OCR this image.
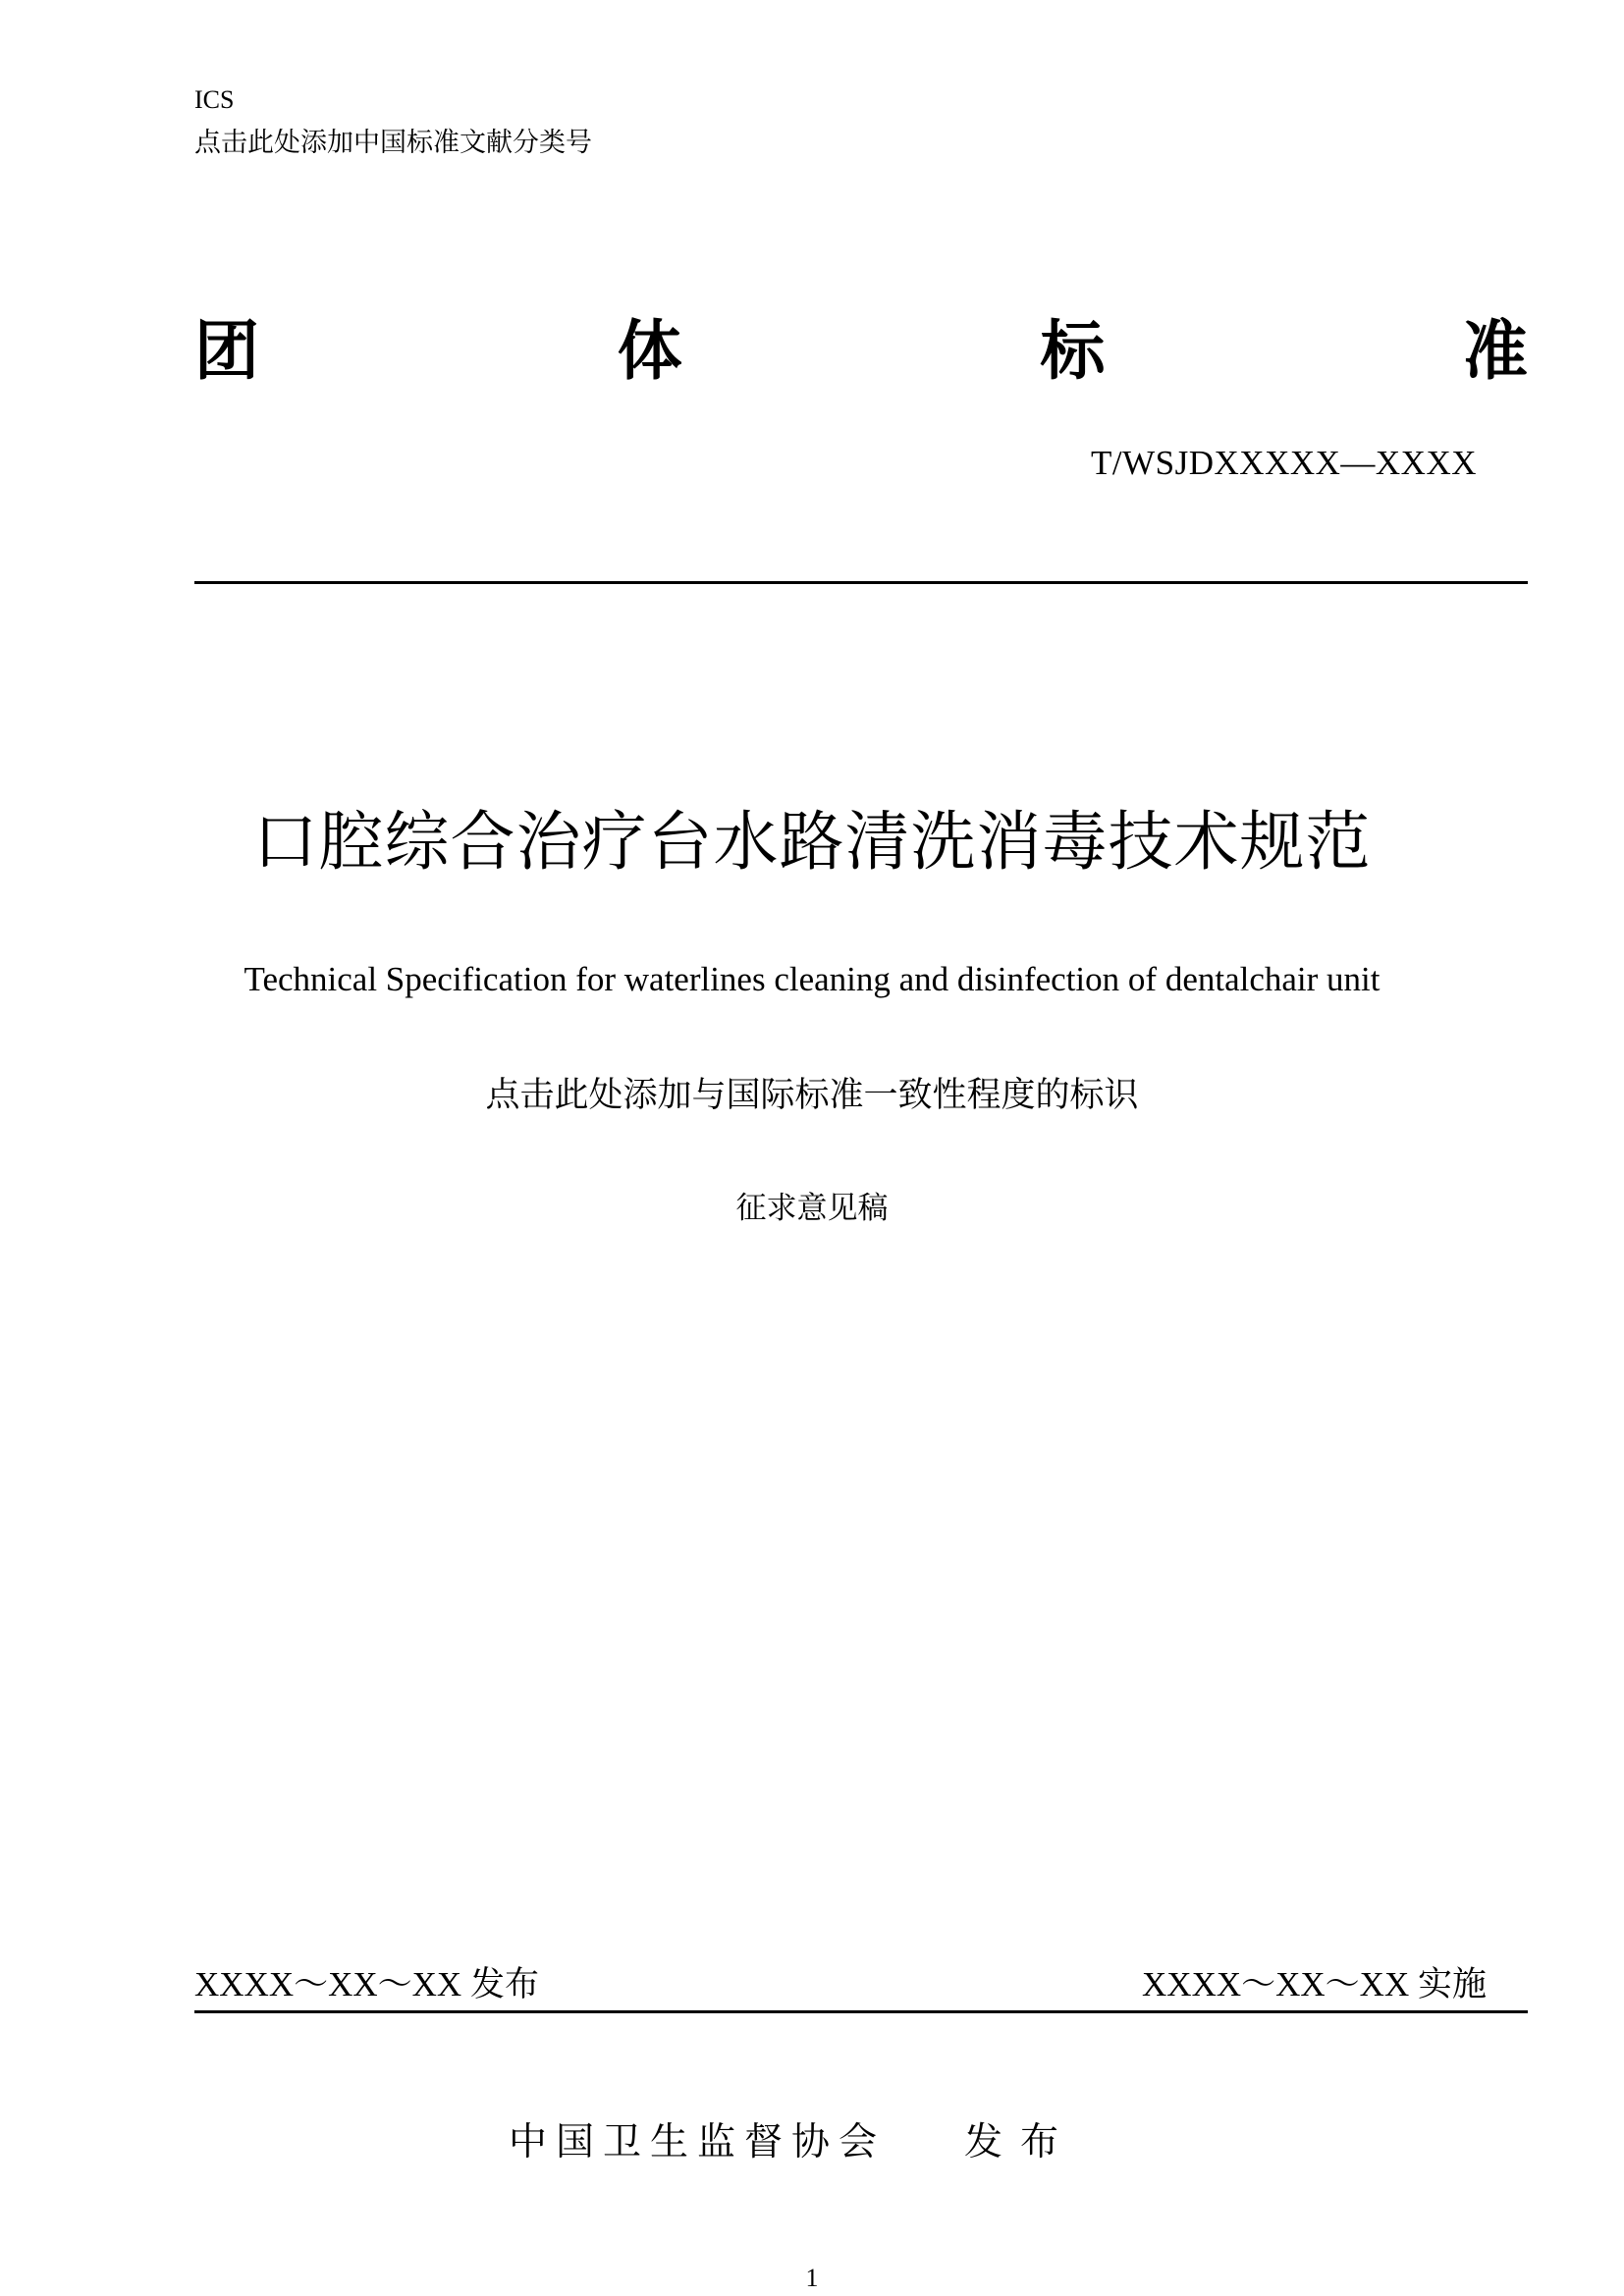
ICS
点击此处添加中国标准文献分类号
团	体	标	准
T/WSJDXXXXX—XXXX
口腔综合治疗台水路清洗消毒技术规范
Technical Specification for waterlines cleaning and disinfection of dentalchair unit
点击此处添加与国际标准一致性程度的标识
征求意见稿
XXXX～XX～XX 发布	XXXX～XX～XX 实施
中国卫生监督协会 发布
1
